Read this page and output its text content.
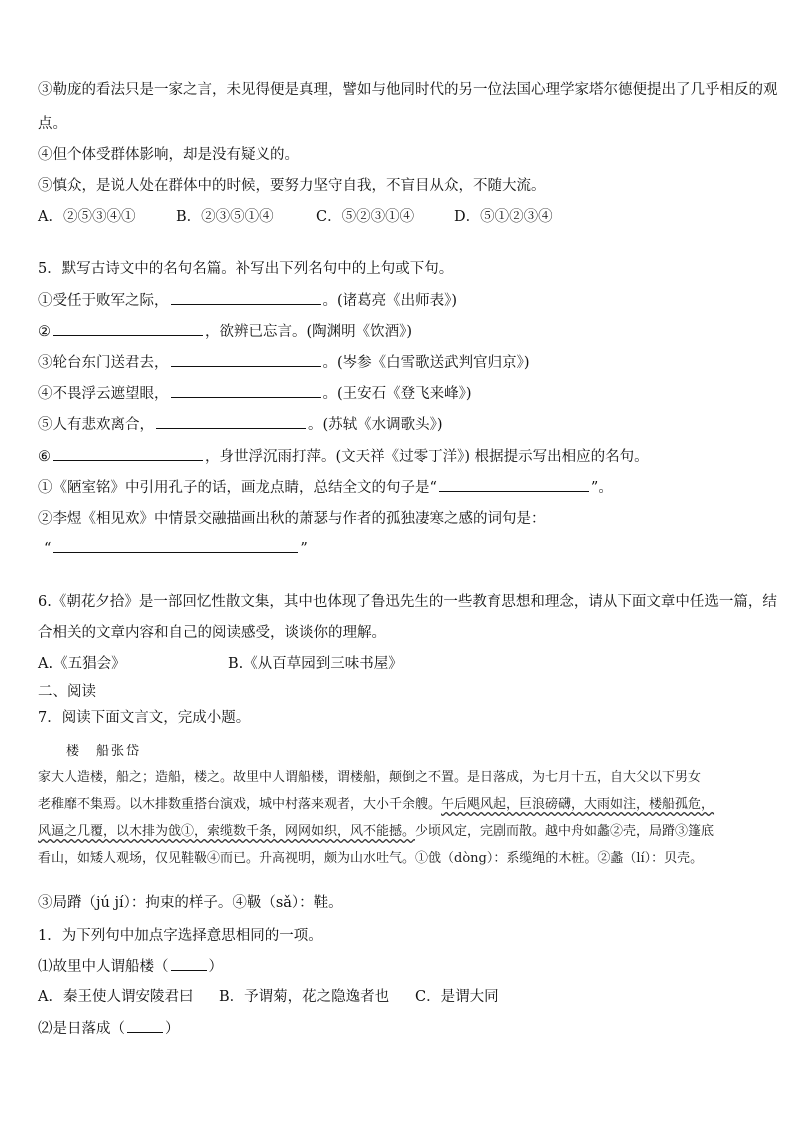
③勒庞的看法只是一家之言，未见得便是真理，譬如与他同时代的另一位法国心理学家塔尔德便提出了几乎相反的观
点。
④但个体受群体影响，却是没有疑义的。
⑤慎众，是说人处在群体中的时候，要努力坚守自我，不盲目从众，不随大流。
A．②⑤③④①	B．②③⑤①④	C．⑤②③①④	D．⑤①②③④
5．默写古诗文中的名句名篇。补写出下列名句中的上句或下句。
①受任于败军之际，	。(诸葛亮《出师表》)
②	，欲辨已忘言。(陶渊明《饮酒》)
③轮台东门送君去，	。(岑参《白雪歌送武判官归京》)
④不畏浮云遮望眼，	。(王安石《登飞来峰》)
⑤人有悲欢离合，	。(苏轼《水调歌头》)
⑥	，身世浮沉雨打萍。(文天祥《过零丁洋》) 根据提示写出相应的名句。
①《陋室铭》中引用孔子的话，画龙点睛，总结全文的句子是“	”。
②李煜《相见欢》中情景交融描画出秋的萧瑟与作者的孤独凄寒之感的词句是：
“	”
6.《朝花夕拾》是一部回忆性散文集，其中也体现了鲁迅先生的一些教育思想和理念，请从下面文章中任选一篇，结
合相关的文章内容和自己的阅读感受，谈谈你的理解。
A.《五猖会》	B.《从百草园到三味书屋》
二、阅读
7．阅读下面文言文，完成小题。
楼　船张岱
家大人造楼，船之；造船，楼之。故里中人谓船楼，谓楼船，颠倒之不置。是日落成，为七月十五，自大父以下男女
老稚靡不集焉。以木排数重搭台演戏，城中村落来观者，大小千余艘。午后飓风起，巨浪磅礴，大雨如注，楼船孤危，
风逼之几覆，以木排为戗①，索缆数千条，网网如织，风不能撼。少顷风定，完剧而散。越中舟如蠡②壳，局蹐③篷底
看山，如矮人观场，仅见鞋靸④而已。升高视明，颇为山水吐气。①戗（dòng）：系缆绳的木桩。②蠡（lí）：贝壳。
③局蹐（jú jí）：拘束的样子。④靸（sǎ）：鞋。
1．为下列句中加点字选择意思相同的一项。
⑴故里中人谓船楼（	）
A．秦王使人谓安陵君曰	B．予谓菊，花之隐逸者也	C．是谓大同
⑵是日落成（	）
